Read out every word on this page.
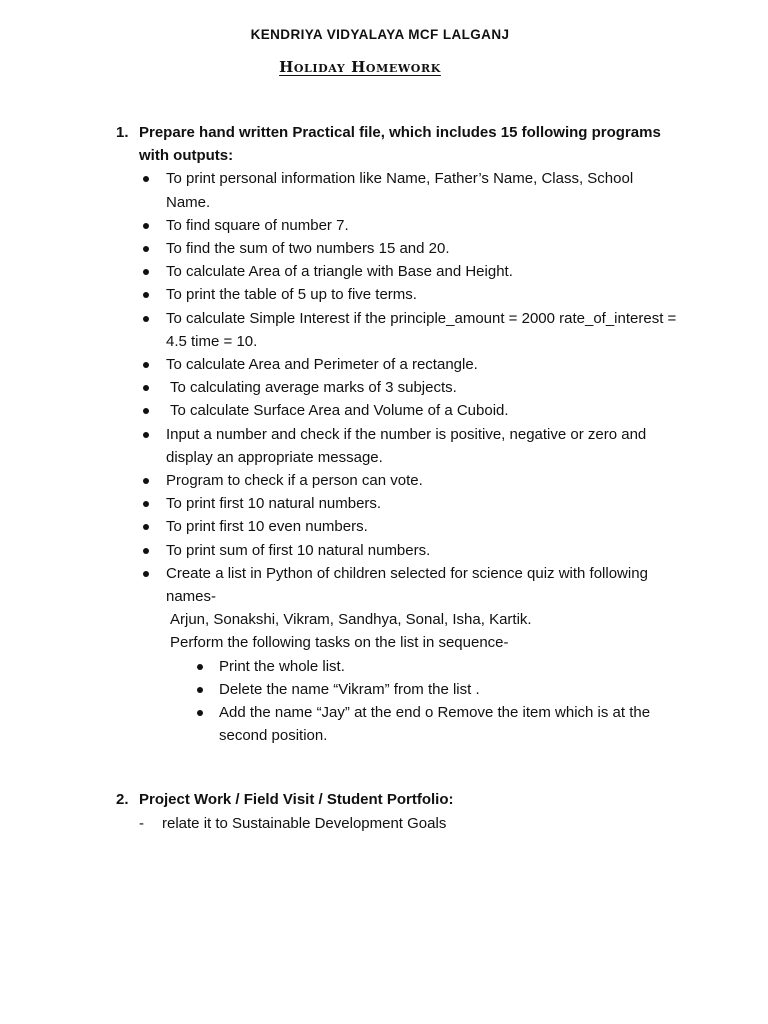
KENDRIYA VIDYALAYA MCF LALGANJ
Holiday Homework
1. Prepare hand written Practical file, which includes 15 following programs with outputs:
To print personal information like Name, Father’s Name, Class, School Name.
To find square of number 7.
To find the sum of two numbers 15 and 20.
To calculate Area of a triangle with Base and Height.
To print the table of 5 up to five terms.
To calculate Simple Interest if the principle_amount = 2000 rate_of_interest = 4.5 time = 10.
To calculate Area and Perimeter of a rectangle.
To calculating average marks of 3 subjects.
To calculate Surface Area and Volume of a Cuboid.
Input a number and check if the number is positive, negative or zero and display an appropriate message.
Program to check if a person can vote.
To print first 10 natural numbers.
To print first 10 even numbers.
To print sum of first 10 natural numbers.
Create a list in Python of children selected for science quiz with following names-
Arjun, Sonakshi, Vikram, Sandhya, Sonal, Isha, Kartik.
Perform the following tasks on the list in sequence-
Print the whole list.
Delete the name “Vikram” from the list .
Add the name “Jay” at the end o Remove the item which is at the second position.
2. Project Work / Field Visit / Student Portfolio:
- relate it to Sustainable Development Goals
